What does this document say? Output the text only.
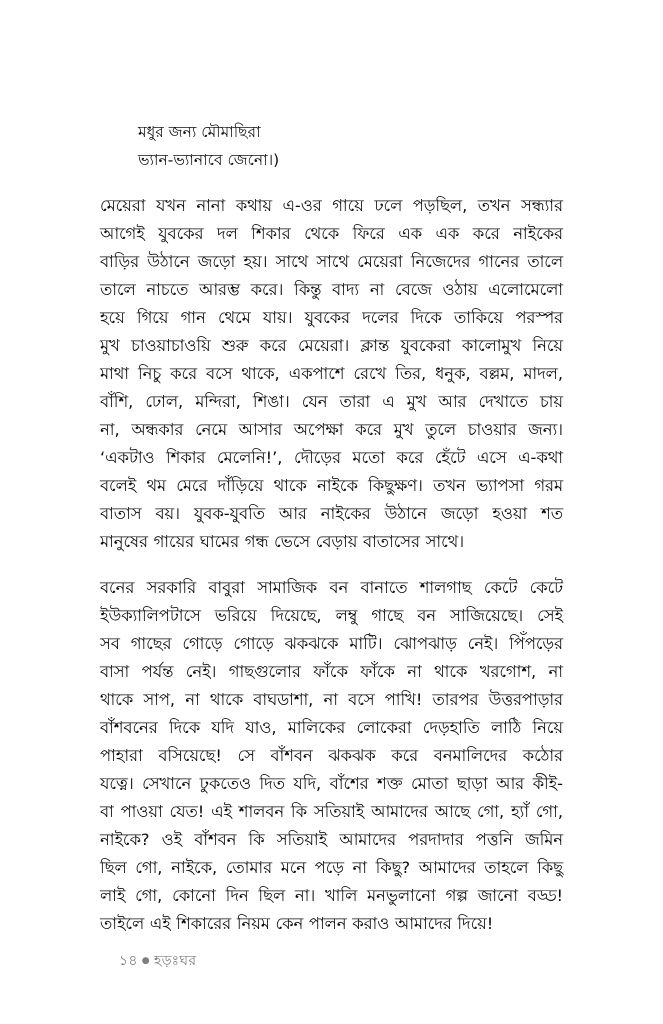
মধুর জন্য মৌমাছিরা
ভ্যান-ভ্যানাবে জেনো।)

মেয়েরা যখন নানা কথায় এ-ওর গায়ে ঢলে পড়ছিল, তখন সন্ধ্যার
আগেই যুবকের দল শিকার থেকে ফিরে এক এক করে নাইকের
বাড়ির উঠানে জড়ো হয়। সাথে সাথে মেয়েরা নিজেদের গানের তালে
তালে নাচতে আরম্ভ করে। কিন্তু বাদ্য না বেজে ওঠায় এলোমেলো
হয়ে গিয়ে গান থেমে যায়। যুবকের দলের দিকে তাকিয়ে পরস্পর
মুখ চাওয়াচাওয়ি শুরু করে মেয়েরা। ক্লান্ত যুবকেরা কালোমুখ নিয়ে
মাথা নিচু করে বসে থাকে, একপাশে রেখে তির, ধনুক, বল্লম, মাদল,
বাঁশি, ঢোল, মন্দিরা, শিঙা। যেন তারা এ মুখ আর দেখাতে চায়
না, অন্ধকার নেমে আসার অপেক্ষা করে মুখ তুলে চাওয়ার জন্য।
‘একটাও শিকার মেলেনি!’, দৌড়ের মতো করে হেঁটে এসে এ-কথা
বলেই থম মেরে দাঁড়িয়ে থাকে নাইকে কিছুক্ষণ। তখন ভ্যাপসা গরম
বাতাস বয়। যুবক-যুবতি আর নাইকের উঠানে জড়ো হওয়া শত
মানুষের গায়ের ঘামের গন্ধ ভেসে বেড়ায় বাতাসের সাথে।

বনের সরকারি বাবুরা সামাজিক বন বানাতে শালগাছ কেটে কেটে
ইউক্যালিপটাসে ভরিয়ে দিয়েছে, লম্বু গাছে বন সাজিয়েছে। সেই
সব গাছের গোড়ে গোড়ে ঝকঝকে মাটি। ঝোপঝাড় নেই। পিঁপড়ের
বাসা পর্যন্ত নেই। গাছগুলোর ফাঁকে ফাঁকে না থাকে খরগোশ, না
থাকে সাপ, না থাকে বাঘডাশা, না বসে পাখি! তারপর উত্তরপাড়ার
বাঁশবনের দিকে যদি যাও, মালিকের লোকেরা দেড়হাতি লাঠি নিয়ে
পাহারা বসিয়েছে! সে বাঁশবন ঝকঝক করে বনমালিদের কঠোর
যত্নে। সেখানে ঢুকতেও দিত যদি, বাঁশের শক্ত মোতা ছাড়া আর কীই-
বা পাওয়া যেত! এই শালবন কি সতিয়াই আমাদের আছে গো, হ্যাঁ গো,
নাইকে? ওই বাঁশবন কি সতিয়াই আমাদের পরদাদার পত্তনি জমিন
ছিল গো, নাইকে, তোমার মনে পড়ে না কিছু? আমাদের তাহলে কিছু
লাই গো, কোনো দিন ছিল না। খালি মনভুলানো গল্প জানো বড্ড!
তাইলে এই শিকারের নিয়ম কেন পালন করাও আমাদের দিয়ে!

১৪ ● হড়ঃঘর
